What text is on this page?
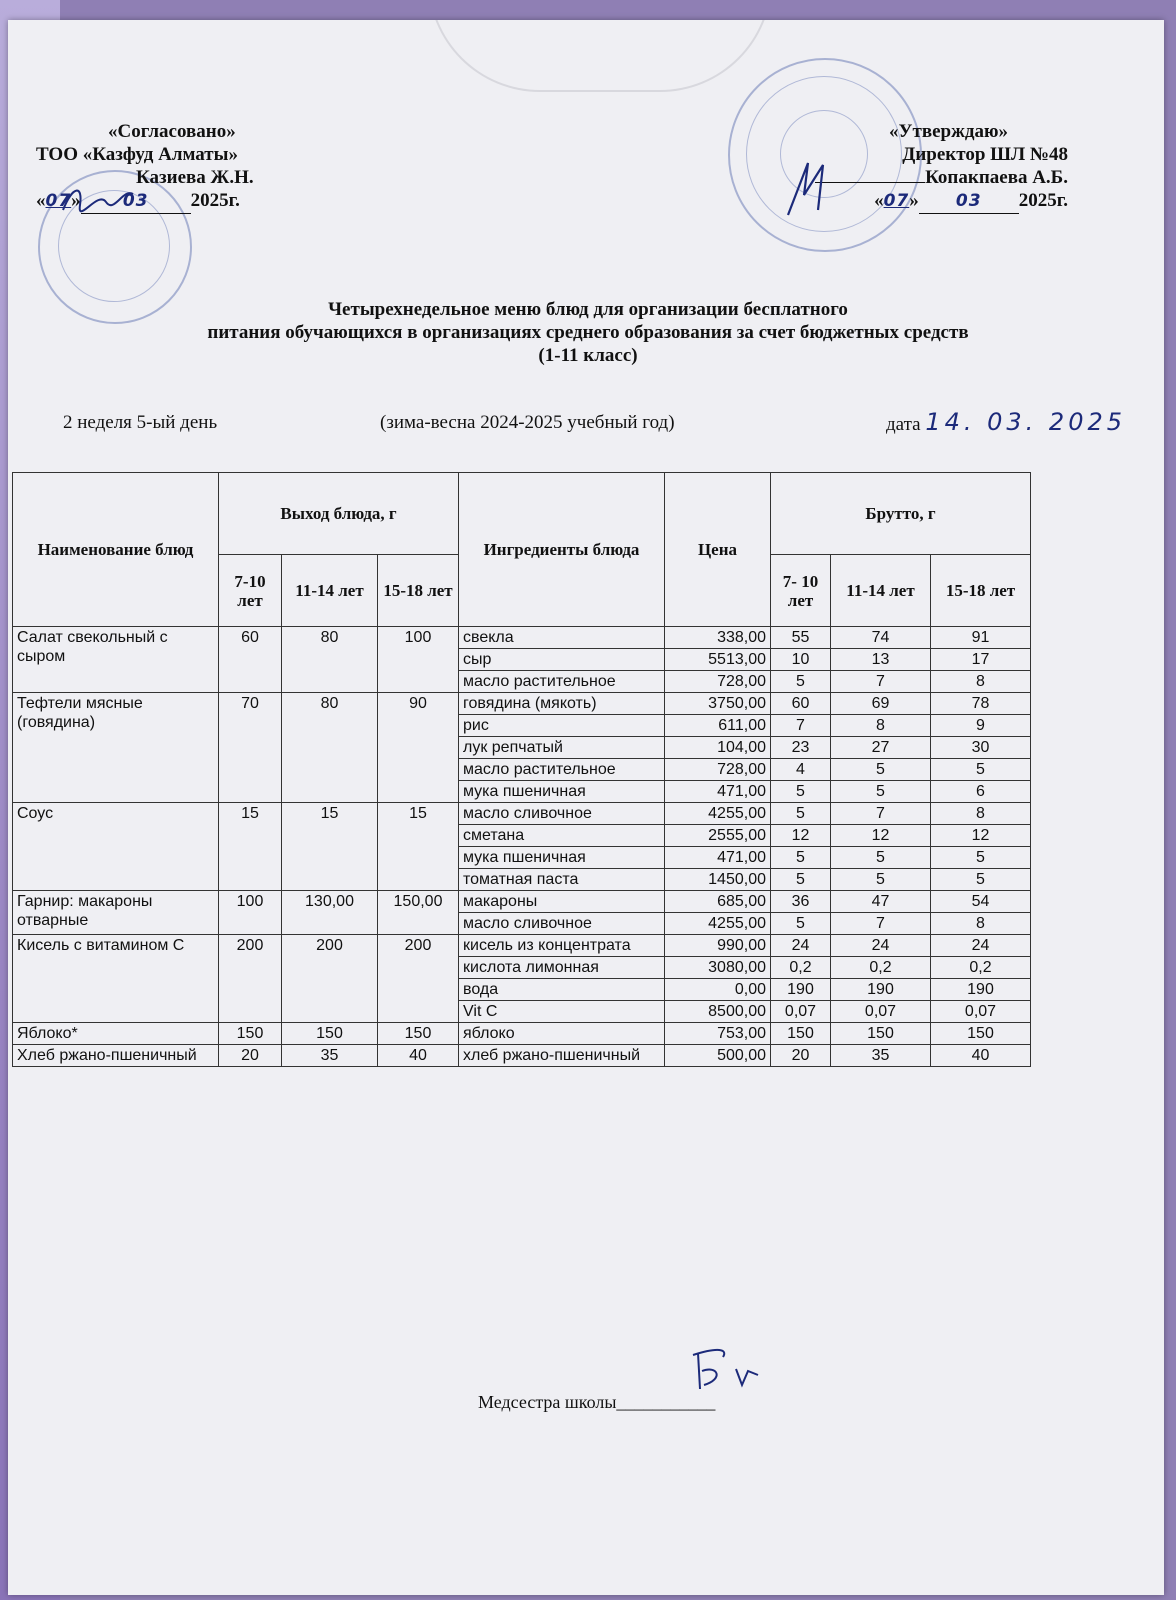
«Согласовано»
ТОО «Казфуд Алматы»
Казиева Ж.Н.
«07» 03 2025г.
«Утверждаю»
Директор ШЛ №48
Копакпаева А.Б.
«07» 03 2025г.
Четырехнедельное меню блюд для организации бесплатного
питания обучающихся в организациях среднего образования за счет бюджетных средств
(1-11 класс)
2 неделя 5-ый день	(зима-весна 2024-2025 учебный год)	дата 14. 03. 2025
Наименование блюд	Выход блюда, г			Ингредиенты блюда	Цена	Брутто, г		
	7-10 лет	11-14 лет	15-18 лет			7- 10 лет	11-14 лет	15-18 лет
Салат свекольный с сыром	60	80	100	свекла	338,00	55	74	91
				сыр	5513,00	10	13	17
				масло растительное	728,00	5	7	8
Тефтели мясные (говядина)	70	80	90	говядина (мякоть)	3750,00	60	69	78
				рис	611,00	7	8	9
				лук репчатый	104,00	23	27	30
				масло растительное	728,00	4	5	5
				мука пшеничная	471,00	5	5	6
Соус	15	15	15	масло сливочное	4255,00	5	7	8
				сметана	2555,00	12	12	12
				мука пшеничная	471,00	5	5	5
				томатная паста	1450,00	5	5	5
Гарнир: макароны отварные	100	130,00	150,00	макароны	685,00	36	47	54
				масло сливочное	4255,00	5	7	8
Кисель с витамином С	200	200	200	кисель из концентрата	990,00	24	24	24
				кислота лимонная	3080,00	0,2	0,2	0,2
				вода	0,00	190	190	190
				Vit C	8500,00	0,07	0,07	0,07
Яблоко*	150	150	150	яблоко	753,00	150	150	150
Хлеб ржано-пшеничный	20	35	40	хлеб ржано-пшеничный	500,00	20	35	40
Медсестра школы___________
